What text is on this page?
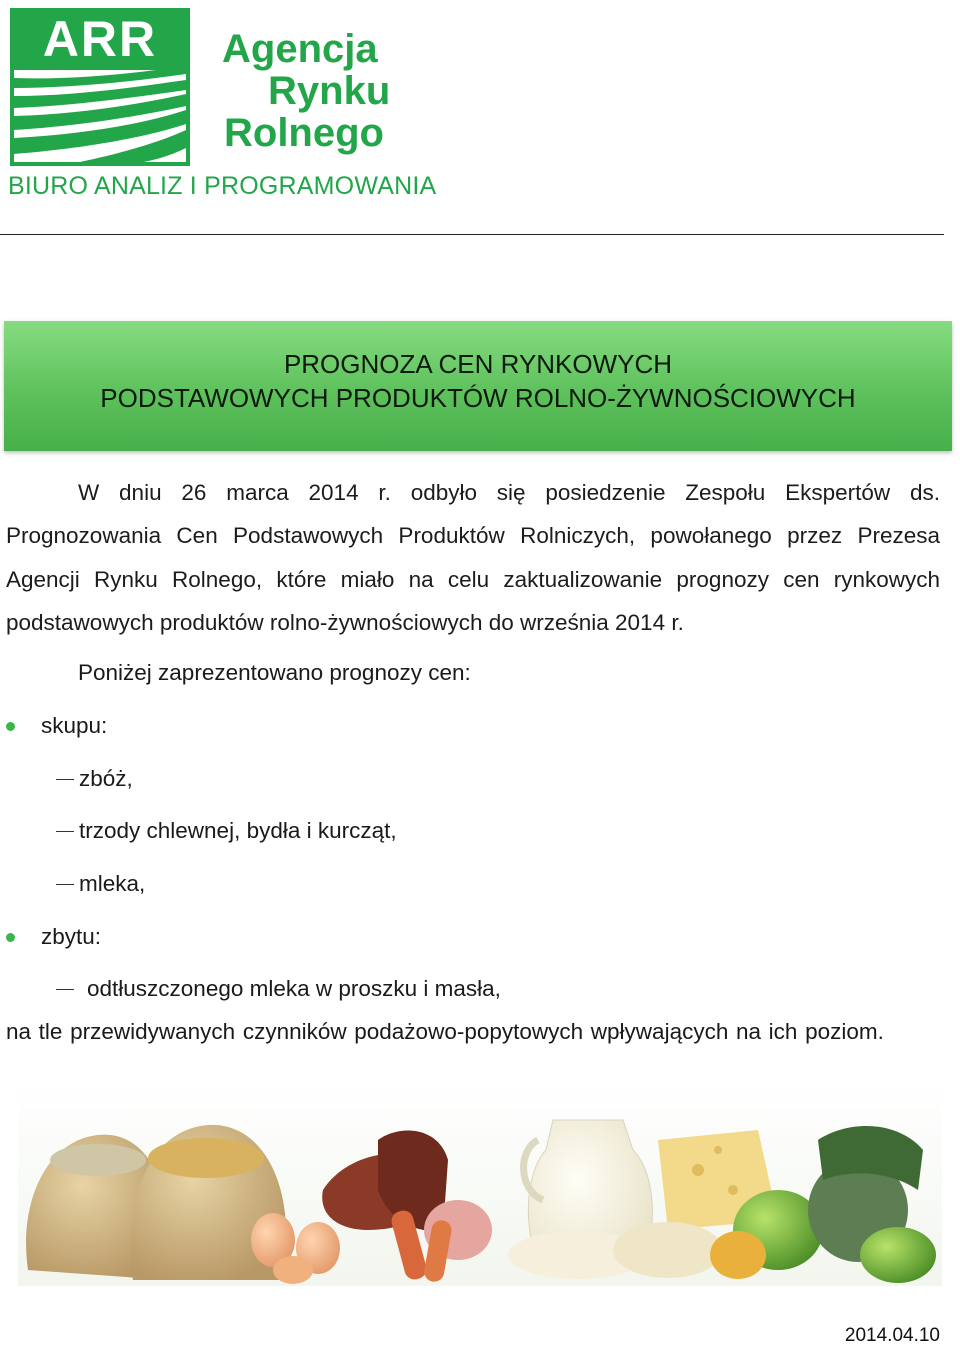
ARR Agencja
Rynku
Rolnego
BIURO ANALIZ I PROGRAMOWANIA
PROGNOZA CEN RYNKOWYCH
PODSTAWOWYCH PRODUKTÓW ROLNO-ŻYWNOŚCIOWYCH
W dniu 26 marca 2014 r. odbyło się posiedzenie Zespołu Ekspertów ds. Prognozowania Cen Podstawowych Produktów Rolniczych, powołanego przez Prezesa Agencji Rynku Rolnego, które miało na celu zaktualizowanie prognozy cen rynkowych podstawowych produktów rolno-żywnościowych do września 2014 r.
Poniżej zaprezentowano prognozy cen:
skupu:
zbóż,
trzody chlewnej, bydła i kurcząt,
mleka,
zbytu:
odtłuszczonego mleka w proszku i masła,
na tle przewidywanych czynników podażowo-popytowych wpływających na ich poziom.
2014.04.10
